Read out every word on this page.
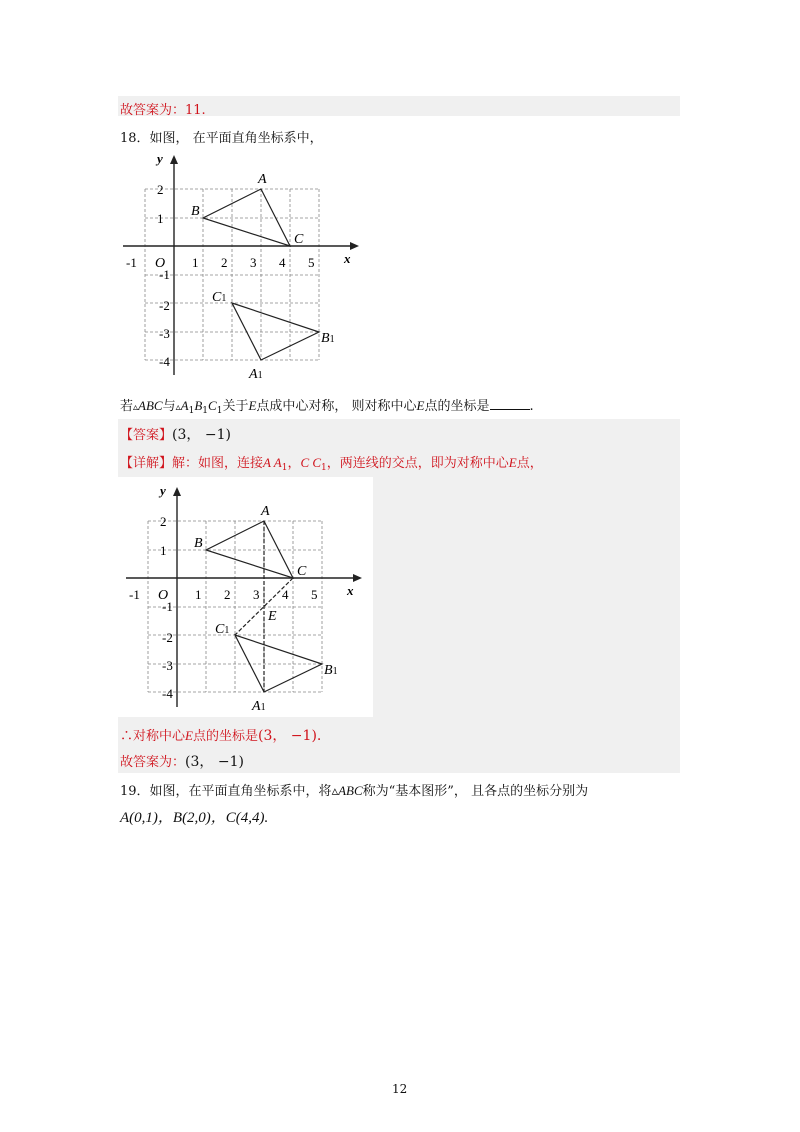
故答案为：11.
18．如图， 在平面直角坐标系中，
y
x
O
-1	1 2 3 4 5
2
1
-1
-2
-3
-4
A
B
C
C1
B1
A1
若▵ABC与$▵A_1B_1C_1$关于E点成中心对称， 则对称中心E点的坐标是	.
【答案】(3， −1)
【详解】解：如图，连接A $A_1$，C $C_1$，两连线的交点，即为对称中心E点，
y
x
O
-1	1 2 3 4 5
2
1
-1
-2
-3
-4
A
B
C
E
C1
B1
A1
∴对称中心E点的坐标是(3， −1).
故答案为：(3， −1)
19．如图，在平面直角坐标系中，将▵ABC称为“基本图形”， 且各点的坐标分别为
A(0,1)，B(2,0)，C(4,4).
12
